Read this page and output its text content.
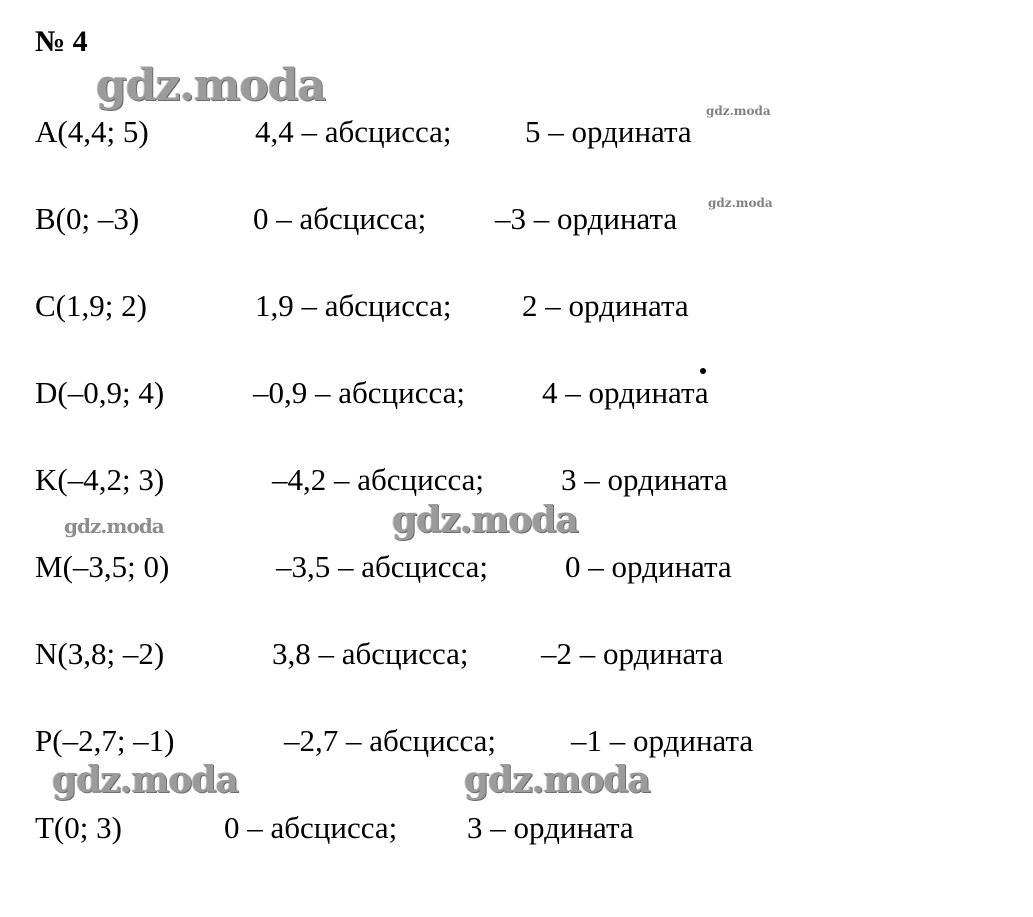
№ 4
gdz.moda	gdz.moda
gdz.moda
gdz.moda	gdz.moda
gdz.moda	gdz.moda
A(4,4; 5)	4,4 – абсцисса; 5 – ордината
B(0; –3)	0 – абсцисса; –3 – ордината
C(1,9; 2)	1,9 – абсцисса; 2 – ордината
D(–0,9; 4)	–0,9 – абсцисса; 4 – ордината
K(–4,2; 3)	–4,2 – абсцисса; 3 – ордината
M(–3,5; 0)	–3,5 – абсцисса; 0 – ордината
N(3,8; –2)	3,8 – абсцисса; –2 – ордината
P(–2,7; –1)	–2,7 – абсцисса; –1 – ордината
T(0; 3)	0 – абсцисса; 3 – ордината
